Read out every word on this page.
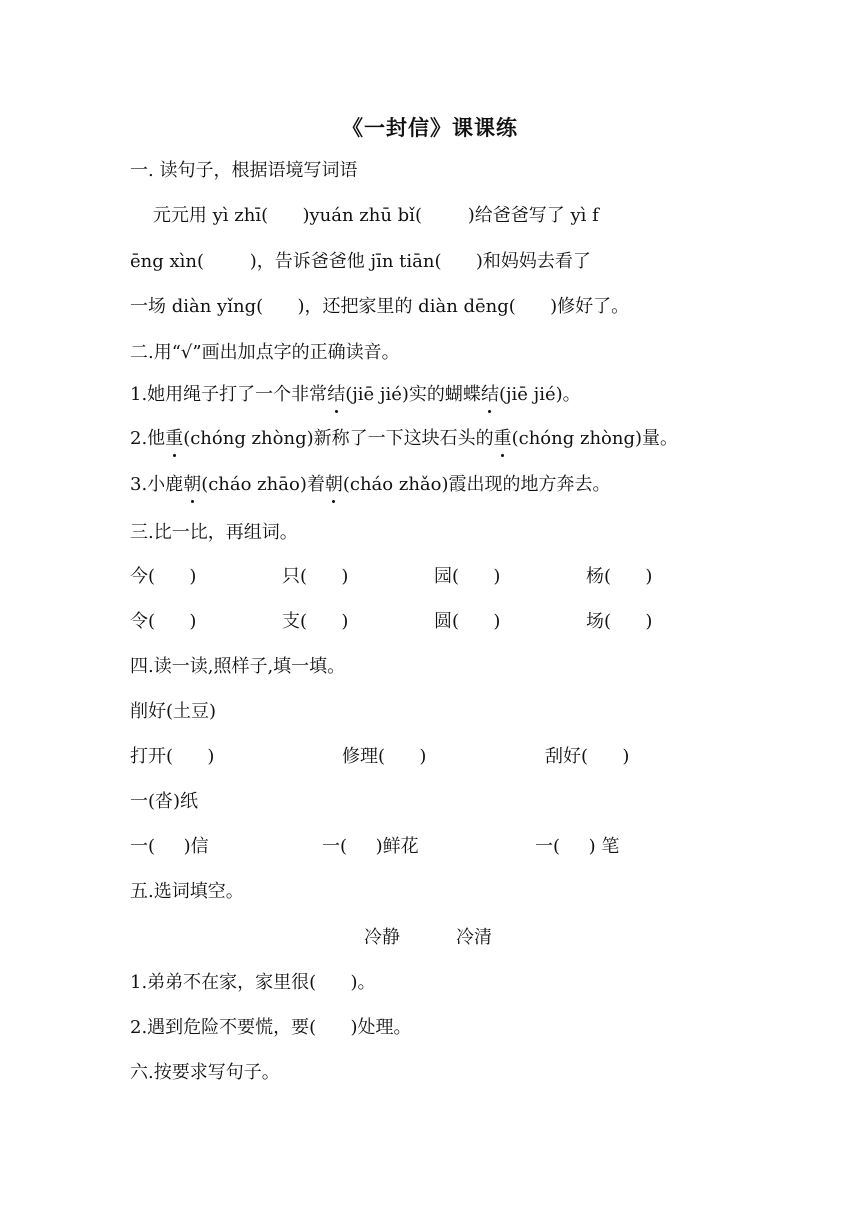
《一封信》课课练
一. 读句子，根据语境写词语
元元用 yì zhī(      )yuán zhū bǐ(        )给爸爸写了 yì f
ēng xìn(        )，告诉爸爸他 jīn tiān(      )和妈妈去看了
一场 diàn yǐng(      )，还把家里的 diàn dēng(      )修好了。
二.用“√”画出加点字的正确读音。
1.她用绳子打了一个非常结(jiē jié)实的蝴蝶结(jiē jié)。
2.他重(chóng zhòng)新称了一下这块石头的重(chóng zhòng)量。
3.小鹿朝(cháo zhāo)着朝(cháo zhǎo)霞出现的地方奔去。
三.比一比，再组词。
今(      )	只(      )	园(      )	杨(      )
令(      )	支(      )	圆(      )	场(      )
四.读一读,照样子,填一填。
削好(土豆)
打开(      )	修理(      )	刮好(      )
一(沓)纸
一(     )信	一(     )鲜花	一(     ) 笔
五.选词填空。
冷静	冷清
1.弟弟不在家，家里很(      )。
2.遇到危险不要慌，要(      )处理。
六.按要求写句子。
